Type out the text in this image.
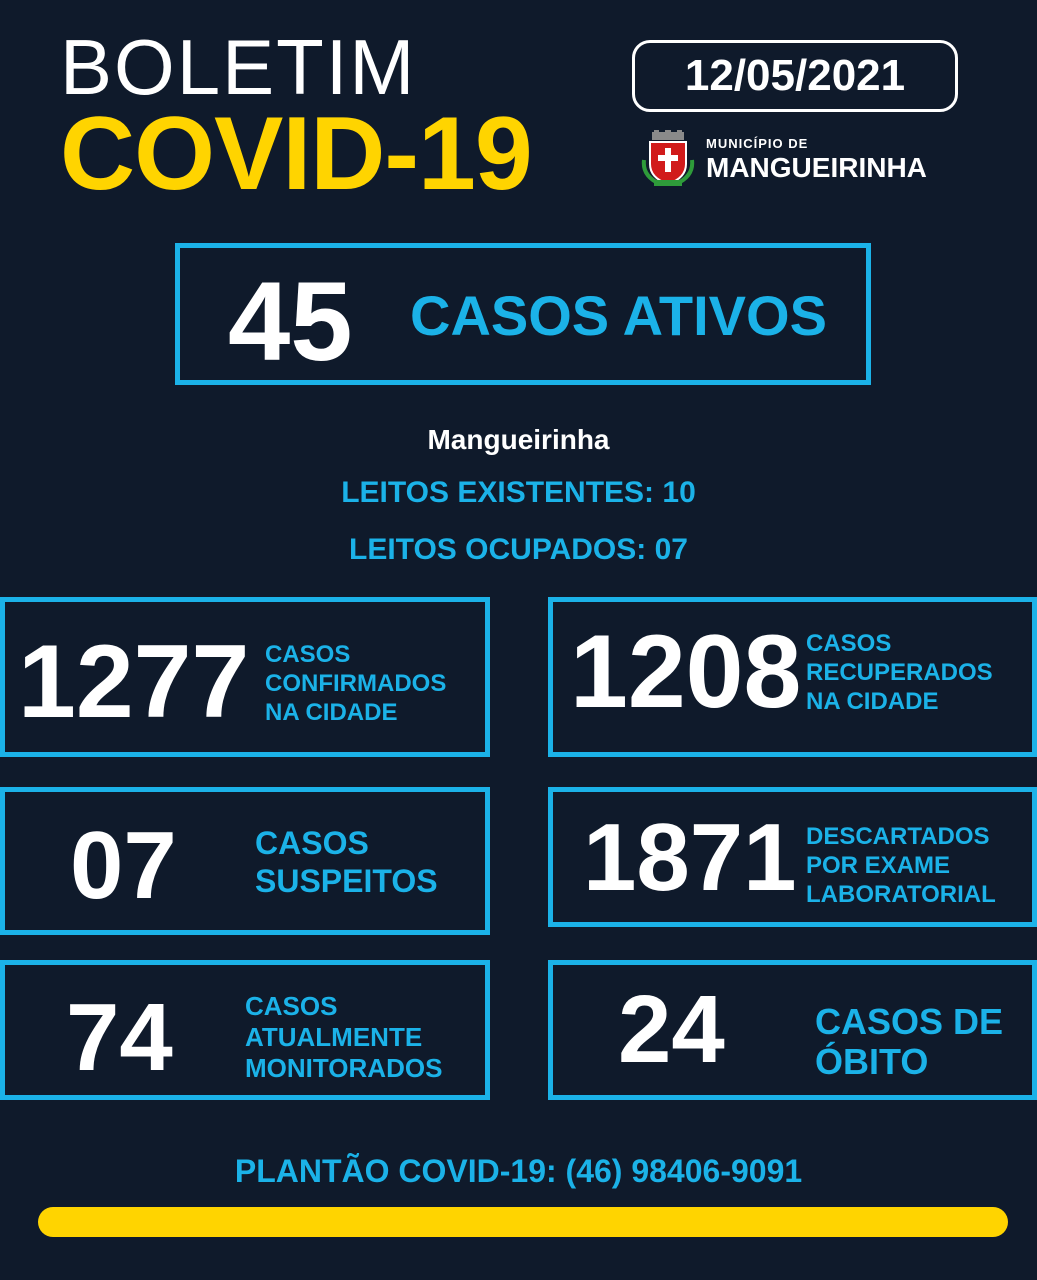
BOLETIM
COVID-19
12/05/2021
MUNICÍPIO DE
MANGUEIRINHA
45 CASOS ATIVOS
Mangueirinha
LEITOS EXISTENTES: 10
LEITOS OCUPADOS: 07
1277 CASOS
CONFIRMADOS
NA CIDADE	1208 CASOS
RECUPERADOS
NA CIDADE
07 CASOS
SUSPEITOS 1871 DESCARTADOS
POR EXAME
LABORATORIAL
74	CASOS
ATUALMENTE
MONITORADOS 24	CASOS DE
ÓBITO
PLANTÃO COVID-19: (46) 98406-9091
